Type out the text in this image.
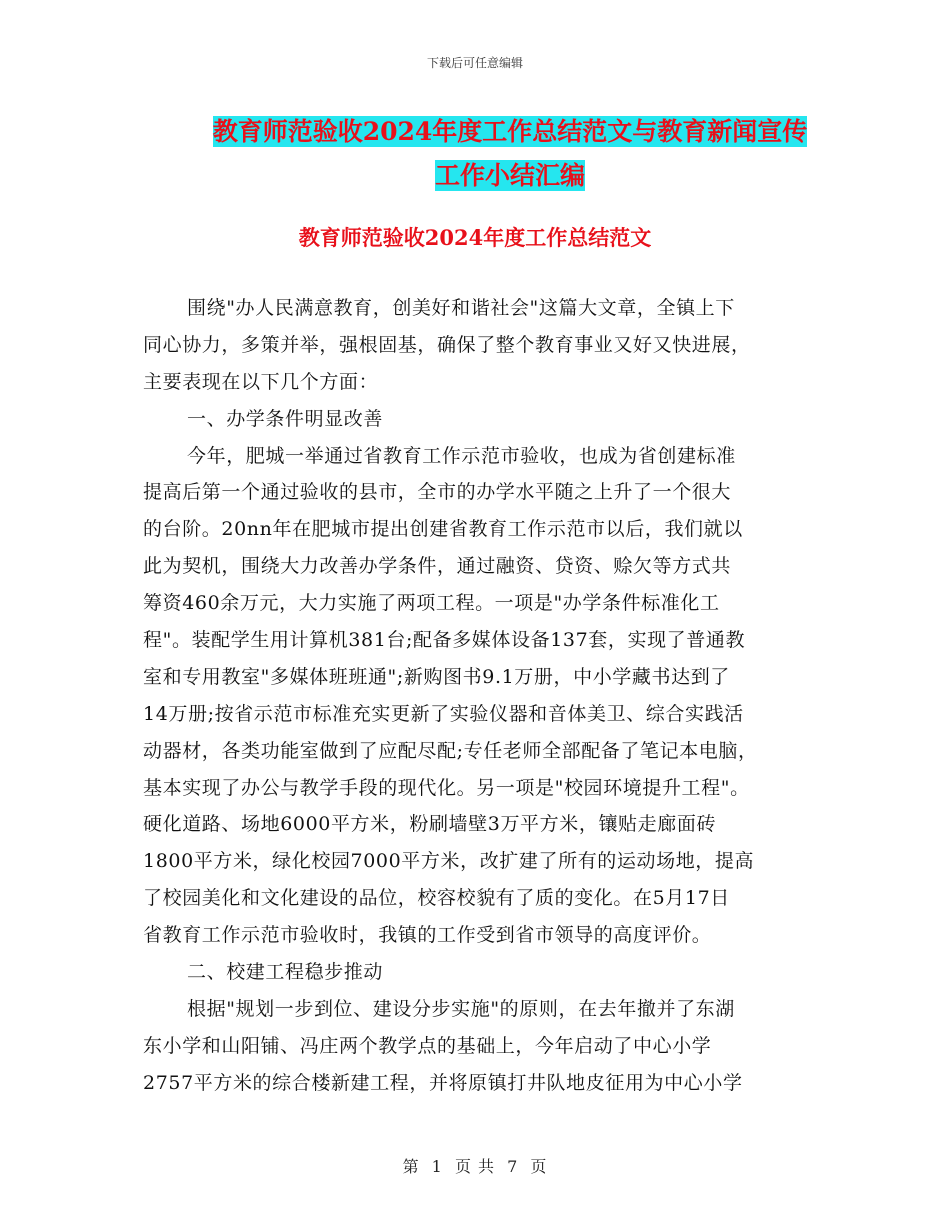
下载后可任意编辑
教育师范验收2024年度工作总结范文与教育新闻宣传
工作小结汇编
教育师范验收2024年度工作总结范文
围绕"办人民满意教育，创美好和谐社会"这篇大文章，全镇上下
同心协力，多策并举，强根固基，确保了整个教育事业又好又快进展，
主要表现在以下几个方面：
一、办学条件明显改善
今年，肥城一举通过省教育工作示范市验收，也成为省创建标准
提高后第一个通过验收的县市，全市的办学水平随之上升了一个很大
的台阶。20nn年在肥城市提出创建省教育工作示范市以后，我们就以
此为契机，围绕大力改善办学条件，通过融资、贷资、赊欠等方式共
筹资460余万元，大力实施了两项工程。一项是"办学条件标准化工
程"。装配学生用计算机381台;配备多媒体设备137套，实现了普通教
室和专用教室"多媒体班班通";新购图书9.1万册，中小学藏书达到了
14万册;按省示范市标准充实更新了实验仪器和音体美卫、综合实践活
动器材，各类功能室做到了应配尽配;专任老师全部配备了笔记本电脑，
基本实现了办公与教学手段的现代化。另一项是"校园环境提升工程"。
硬化道路、场地6000平方米，粉刷墙壁3万平方米，镶贴走廊面砖
1800平方米，绿化校园7000平方米，改扩建了所有的运动场地，提高
了校园美化和文化建设的品位，校容校貌有了质的变化。在5月17日
省教育工作示范市验收时，我镇的工作受到省市领导的高度评价。
二、校建工程稳步推动
根据"规划一步到位、建设分步实施"的原则，在去年撤并了东湖
东小学和山阳铺、冯庄两个教学点的基础上，今年启动了中心小学
2757平方米的综合楼新建工程，并将原镇打井队地皮征用为中心小学
第 1 页 共 7 页
